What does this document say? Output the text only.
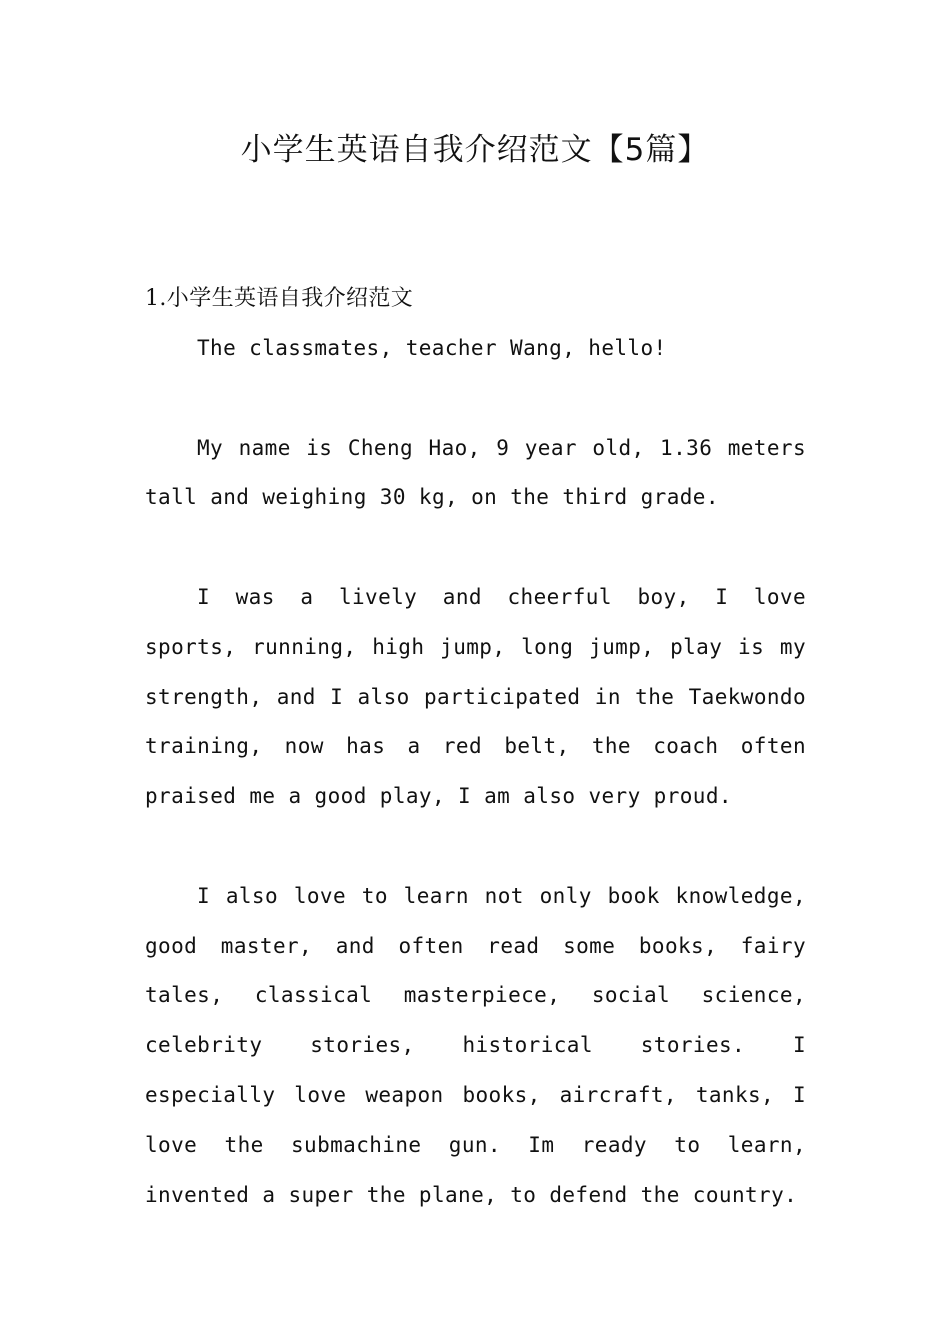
小学生英语自我介绍范文【5篇】
1.小学生英语自我介绍范文

The classmates, teacher Wang, hello!

My name is Cheng Hao, 9 year old, 1.36 meters tall and weighing 30 kg, on the third grade.

I was a lively and cheerful boy, I love sports, running, high jump, long jump, play is my strength, and I also participated in the Taekwondo training, now has a red belt, the coach often praised me a good play, I am also very proud.

I also love to learn not only book knowledge, good master, and often read some books, fairy tales, classical masterpiece, social science, celebrity stories, historical stories. I especially love weapon books, aircraft, tanks, I love the submachine gun. Im ready to learn, invented a super the plane, to defend the country.
